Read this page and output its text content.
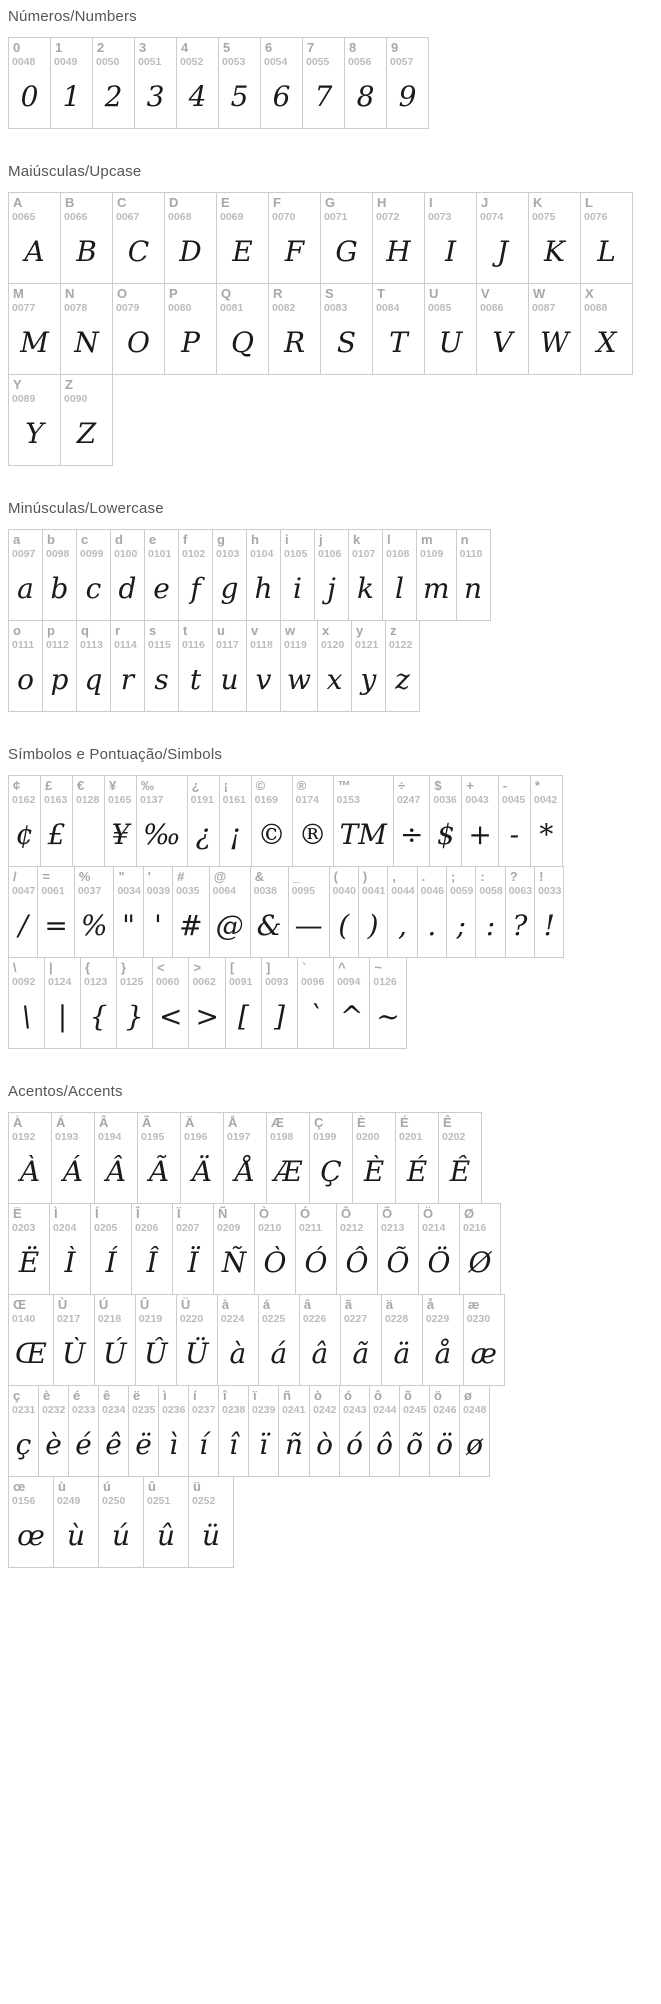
Números/Numbers
0
0048
0
1
0049
1
2
0050
2
3
0051
3
4
0052
4
5
0053
5
6
0054
6
7
0055
7
8
0056
8
9
0057
9
Maiúsculas/Upcase
A
0065
A
B
0066
B
C
0067
C
D
0068
D
E
0069
E
F
0070
F
G
0071
G
H
0072
H
I
0073
I
J
0074
J
K
0075
K
L
0076
L
M
0077
M
N
0078
N
O
0079
O
P
0080
P
Q
0081
Q
R
0082
R
S
0083
S
T
0084
T
U
0085
U
V
0086
V
W
0087
W
X
0088
X
Y
0089
Y
Z
0090
Z
Minúsculas/Lowercase
a
0097
a
b
0098
b
c
0099
c
d
0100
d
e
0101
e
f
0102
f
g
0103
g
h
0104
h
i
0105
i
j
0106
j
k
0107
k
l
0108
l
m
0109
m
n
0110
n
o
0111
o
p
0112
p
q
0113
q
r
0114
r
s
0115
s
t
0116
t
u
0117
u
v
0118
v
w
0119
w
x
0120
x
y
0121
y
z
0122
z
Símbolos e Pontuação/Simbols
¢
0162
¢
£
0163
£
€
0128
¥
0165
¥
‰
0137
‰
¿
0191
¿
¡
0161
¡
©
0169
©
®
0174
®
™
0153
TM
÷
0247
÷
$
0036
$
+
0043
+
-
0045
-
*
0042
*
/
0047
/
=
0061
=
%
0037
%
"
0034
"
'
0039
'
#
0035
#
@
0064
@
&
0038
&
_
0095
—
(
0040
(
)
0041
)
,
0044
,
.
0046
.
;
0059
;
:
0058
:
?
0063
?
!
0033
!
\
0092
\
|
0124
|
{
0123
{
}
0125
}
<
0060
<
>
0062
>
[
0091
[
]
0093
]
`
0096
`
^
0094
^
~
0126
~
Acentos/Accents
À
0192
À
Á
0193
Á
Â
0194
Â
Ã
0195
Ã
Ä
0196
Ä
Å
0197
Å
Æ
0198
Æ
Ç
0199
Ç
È
0200
È
É
0201
É
Ê
0202
Ê
Ë
0203
Ë
Ì
0204
Ì
Í
0205
Í
Î
0206
Î
Ï
0207
Ï
Ñ
0209
Ñ
Ò
0210
Ò
Ó
0211
Ó
Ô
0212
Ô
Õ
0213
Õ
Ö
0214
Ö
Ø
0216
Ø
Œ
0140
Œ
Ù
0217
Ù
Ú
0218
Ú
Û
0219
Û
Ü
0220
Ü
à
0224
à
á
0225
á
â
0226
â
ã
0227
ã
ä
0228
ä
å
0229
å
æ
0230
æ
ç
0231
ç
è
0232
è
é
0233
é
ê
0234
ê
ë
0235
ë
ì
0236
ì
í
0237
í
î
0238
î
ï
0239
ï
ñ
0241
ñ
ò
0242
ò
ó
0243
ó
ô
0244
ô
õ
0245
õ
ö
0246
ö
ø
0248
ø
œ
0156
œ
ù
0249
ù
ú
0250
ú
û
0251
û
ü
0252
ü
